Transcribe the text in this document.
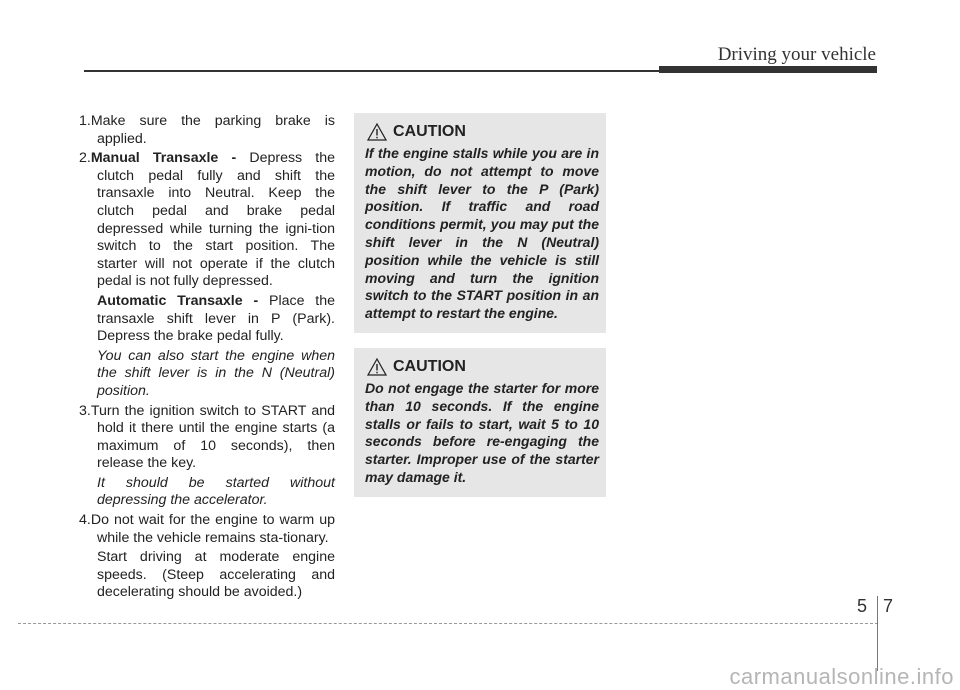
Driving your vehicle

1.Make sure the parking brake is applied.

2.Manual Transaxle - Depress the clutch pedal fully and shift the transaxle into Neutral. Keep the clutch pedal and brake pedal depressed while turning the igni-tion switch to the start position. The starter will not operate if the clutch pedal is not fully depressed.

Automatic Transaxle - Place the transaxle shift lever in P (Park). Depress the brake pedal fully.

You can also start the engine when the shift lever is in the N (Neutral) position.

3.Turn the ignition switch to START and hold it there until the engine starts (a maximum of 10 seconds), then release the key.

It should be started without depressing the accelerator.

4.Do not wait for the engine to warm up while the vehicle remains sta-tionary.

Start driving at moderate engine speeds. (Steep accelerating and decelerating should be avoided.)

CAUTION
If the engine stalls while you are in motion, do not attempt to move the shift lever to the P (Park) position. If traffic and road conditions permit, you may put the shift lever in the N (Neutral) position while the vehicle is still moving and turn the ignition switch to the START position in an attempt to restart the engine.
CAUTION
Do not engage the starter for more than 10 seconds. If the engine stalls or fails to start, wait 5 to 10 seconds before re-engaging the starter. Improper use of the starter may damage it.
5 7
carmanualsonline.info
